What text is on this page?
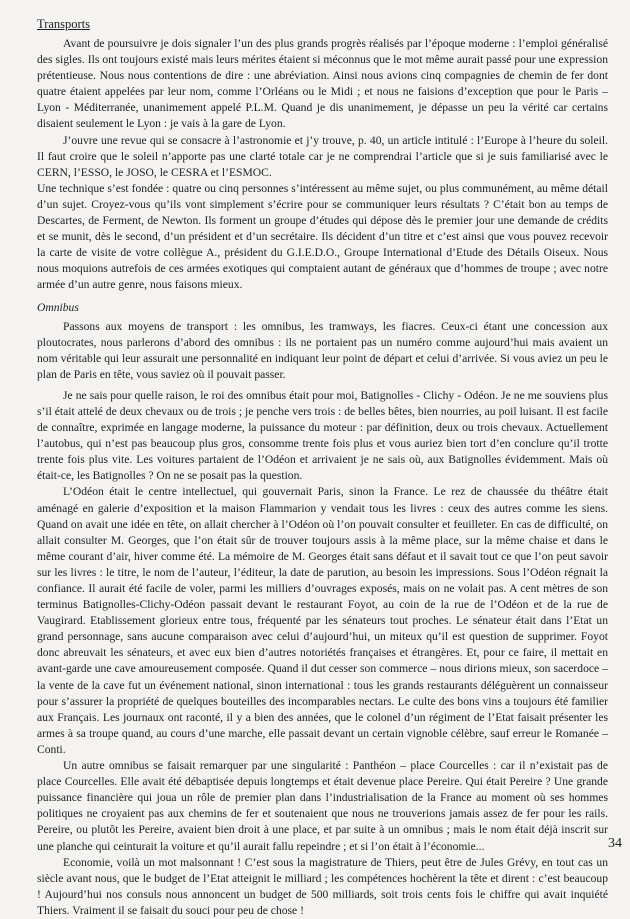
Transports

Avant de poursuivre je dois signaler l’un des plus grands progrès réalisés par l’époque moderne : l’emploi généralisé des sigles. Ils ont toujours existé mais leurs mérites étaient si méconnus que le mot même aurait passé pour une expression prétentieuse. Nous nous contentions de dire : une abréviation. Ainsi nous avions cinq compagnies de chemin de fer dont quatre étaient appelées par leur nom, comme l’Orléans ou le Midi ; et nous ne faisions d’exception que pour le Paris – Lyon - Méditerranée, unanimement appelé P.L.M. Quand je dis unanimement, je dépasse un peu la vérité car certains disaient seulement le Lyon : je vais à la gare de Lyon.

J’ouvre une revue qui se consacre à l’astronomie et j’y trouve, p. 40, un article intitulé : l’Europe à l’heure du soleil. Il faut croire que le soleil n’apporte pas une clarté totale car je ne comprendrai l’article que si je suis familiarisé avec le CERN, l’ESSO, le JOSO, le CESRA et l’ESMOC.

Une technique s’est fondée : quatre ou cinq personnes s’intéressent au même sujet, ou plus communément, au même détail d’un sujet. Croyez-vous qu’ils vont simplement s’écrire pour se communiquer leurs résultats ? C’était bon au temps de Descartes, de Ferment, de Newton. Ils forment un groupe d’études qui dépose dès le premier jour une demande de crédits et se munit, dès le second, d’un président et d’un secrétaire. Ils décident d’un titre et c’est ainsi que vous pouvez recevoir la carte de visite de votre collègue A., président du G.I.E.D.O., Groupe International d’Etude des Détails Oiseux. Nous nous moquions autrefois de ces armées exotiques qui comptaient autant de généraux que d’hommes de troupe ; avec notre armée d’un autre genre, nous faisons mieux.

Omnibus

Passons aux moyens de transport : les omnibus, les tramways, les fiacres. Ceux-ci étant une concession aux ploutocrates, nous parlerons d’abord des omnibus : ils ne portaient pas un numéro comme aujourd’hui mais avaient un nom véritable qui leur assurait une personnalité en indiquant leur point de départ et celui d’arrivée. Si vous aviez un peu le plan de Paris en tête, vous saviez où il pouvait passer.

Je ne sais pour quelle raison, le roi des omnibus était pour moi, Batignolles - Clichy - Odéon. Je ne me souviens plus s’il était attelé de deux chevaux ou de trois ; je penche vers trois : de belles bêtes, bien nourries, au poil luisant. Il est facile de connaître, exprimée en langage moderne, la puissance du moteur : par définition, deux ou trois chevaux. Actuellement l’autobus, qui n’est pas beaucoup plus gros, consomme trente fois plus et vous auriez bien tort d’en conclure qu’il trotte trente fois plus vite. Les voitures partaient de l’Odéon et arrivaient je ne sais où, aux Batignolles évidemment. Mais où était-ce, les Batignolles ? On ne se posait pas la question.

L’Odéon était le centre intellectuel, qui gouvernait Paris, sinon la France. Le rez de chaussée du théâtre était aménagé en galerie d’exposition et la maison Flammarion y vendait tous les livres : ceux des autres comme les siens. Quand on avait une idée en tête, on allait chercher à l’Odéon où l’on pouvait consulter et feuilleter. En cas de difficulté, on allait consulter M. Georges, que l’on était sûr de trouver toujours assis à la même place, sur la même chaise et dans le même courant d’air, hiver comme été. La mémoire de M. Georges était sans défaut et il savait tout ce que l’on peut savoir sur les livres : le titre, le nom de l’auteur, l’éditeur, la date de parution, au besoin les impressions. Sous l’Odéon régnait la confiance. Il aurait été facile de voler, parmi les milliers d’ouvrages exposés, mais on ne volait pas. A cent mètres de son terminus Batignolles-Clichy-Odéon passait devant le restaurant Foyot, au coin de la rue de l’Odéon et de la rue de Vaugirard. Etablissement glorieux entre tous, fréquenté par les sénateurs tout proches. Le sénateur était dans l’Etat un grand personnage, sans aucune comparaison avec celui d’aujourd’hui, un miteux qu’il est question de supprimer. Foyot donc abreuvait les sénateurs, et avec eux bien d’autres notoriétés françaises et étrangères. Et, pour ce faire, il mettait en avant-garde une cave amoureusement composée. Quand il dut cesser son commerce – nous dirions mieux, son sacerdoce – la vente de la cave fut un événement national, sinon international : tous les grands restaurants déléguèrent un connaisseur pour s’assurer la propriété de quelques bouteilles des incomparables nectars. Le culte des bons vins a toujours été familier aux Français. Les journaux ont raconté, il y a bien des années, que le colonel d’un régiment de l’Etat faisait présenter les armes à sa troupe quand, au cours d’une marche, elle passait devant un certain vignoble célèbre, sauf erreur le Romanée – Conti.

Un autre omnibus se faisait remarquer par une singularité : Panthéon – place Courcelles : car il n’existait pas de place Courcelles. Elle avait été débaptisée depuis longtemps et était devenue place Pereire. Qui était Pereire ? Une grande puissance financière qui joua un rôle de premier plan dans l’industrialisation de la France au moment où ses hommes politiques ne croyaient pas aux chemins de fer et soutenaient que nous ne trouverions jamais assez de fer pour les rails. Pereire, ou plutôt les Pereire, avaient bien droit à une place, et par suite à un omnibus ; mais le nom était déjà inscrit sur une planche qui ceinturait la voiture et qu’il aurait fallu repeindre ; et si l’on était à l’économie...

Economie, voilà un mot malsonnant ! C’est sous la magistrature de Thiers, peut être de Jules Grévy, en tout cas un siècle avant nous, que le budget de l’Etat atteignit le milliard ; les compétences hochèrent la tête et dirent : c’est beaucoup ! Aujourd’hui nos consuls nous annoncent un budget de 500 milliards, soit trois cents fois le chiffre qui avait inquiété Thiers. Vraiment il se faisait du souci pour peu de chose !

34
